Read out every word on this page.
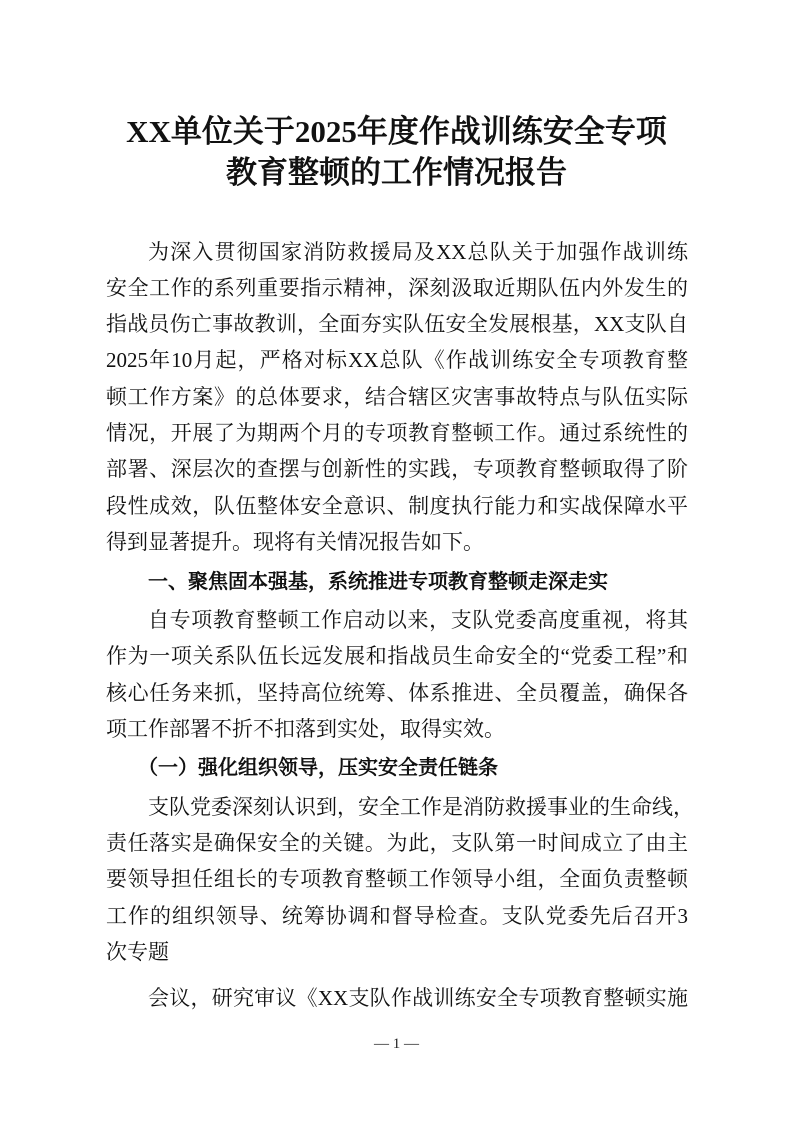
XX单位关于2025年度作战训练安全专项
教育整顿的工作情况报告
为深入贯彻国家消防救援局及XX总队关于加强作战训练
安全工作的系列重要指示精神，深刻汲取近期队伍内外发生的
指战员伤亡事故教训，全面夯实队伍安全发展根基，XX支队自
2025年10月起，严格对标XX总队《作战训练安全专项教育整
顿工作方案》的总体要求，结合辖区灾害事故特点与队伍实际
情况，开展了为期两个月的专项教育整顿工作。通过系统性的
部署、深层次的查摆与创新性的实践，专项教育整顿取得了阶
段性成效，队伍整体安全意识、制度执行能力和实战保障水平
得到显著提升。现将有关情况报告如下。
一、聚焦固本强基，系统推进专项教育整顿走深走实
自专项教育整顿工作启动以来，支队党委高度重视，将其
作为一项关系队伍长远发展和指战员生命安全的“党委工程”和
核心任务来抓，坚持高位统筹、体系推进、全员覆盖，确保各
项工作部署不折不扣落到实处，取得实效。
（一）强化组织领导，压实安全责任链条
支队党委深刻认识到，安全工作是消防救援事业的生命线，
责任落实是确保安全的关键。为此，支队第一时间成立了由主
要领导担任组长的专项教育整顿工作领导小组，全面负责整顿
工作的组织领导、统筹协调和督导检查。支队党委先后召开3
次专题
会议，研究审议《XX支队作战训练安全专项教育整顿实施
— 1 —
